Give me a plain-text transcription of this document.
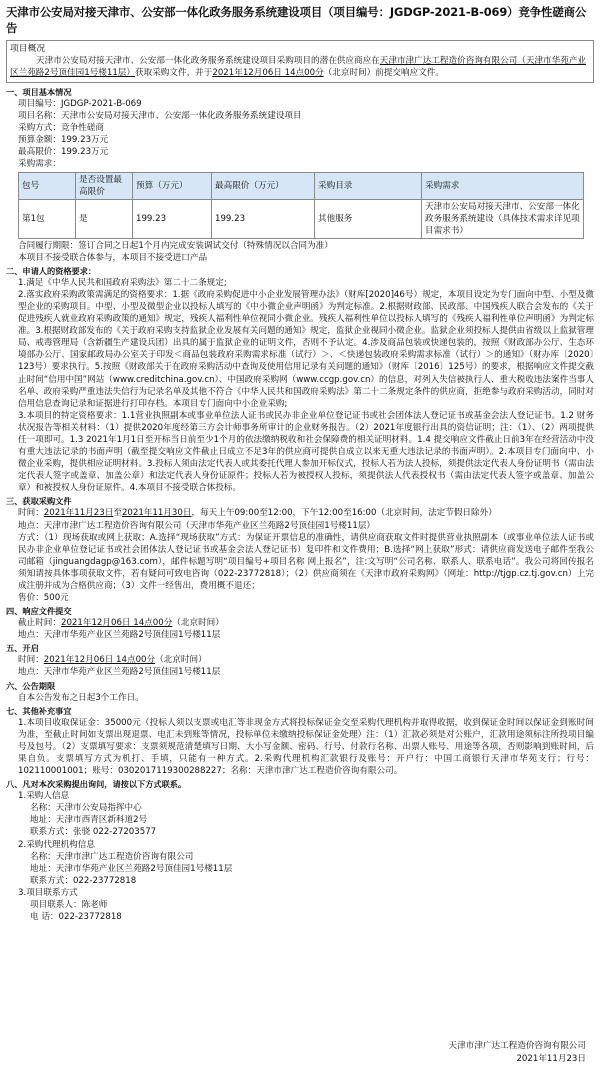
天津市公安局对接天津市、公安部一体化政务服务系统建设项目（项目编号：JGDGP-2021-B-069）竞争性磋商公告
项目概况
天津市公安局对接天津市、公安部一体化政务服务系统建设项目采购项目的潜在供应商应在天津市津广达工程造价咨询有限公司（天津市华苑产业区兰苑路2号顶佳园1号楼11层）获取采购文件，并于2021年12月06日 14点00分（北京时间）前提交响应文件。
一、项目基本情况
项目编号：JGDGP-2021-B-069
项目名称：天津市公安局对接天津市、公安部一体化政务服务系统建设项目
采购方式：竞争性磋商
预算金额：199.23万元
最高限价：199.23万元
采购需求：
包号	是否设置最高限价	预算（万元）	最高限价（万元）	采购目录	采购需求
第1包	是	199.23	199.23	其他服务	天津市公安局对接天津市、公安部一体化政务服务系统建设（具体技术需求详见项目需求书）
合同履行期限：签订合同之日起1个月内完成安装调试交付（特殊情况以合同为准）
本项目不接受联合体参与，本项目不接受进口产品
二、申请人的资格要求：
1.满足《中华人民共和国政府采购法》第二十二条规定;
2.落实政府采购政策需满足的资格要求：1.据《政府采购促进中小企业发展管理办法》（财库[2020]46号）规定，本项目设定为专门面向中型、小型及微型企业的采购项目。中型、小型及微型企业以投标人填写的《中小微企业声明函》为判定标准。2.根据财政部、民政部、中国残疾人联合会发布的《关于促进残疾人就业政府采购政策的通知》规定，残疾人福利性单位视同小微企业。残疾人福利性单位以投标人填写的《残疾人福利性单位声明函》为判定标准。3.根据财政部发布的《关于政府采购支持监狱企业发展有关问题的通知》规定，监狱企业视同小微企业。监狱企业须投标人提供由省级以上监狱管理局、戒毒管理局（含新疆生产建设兵团）出具的属于监狱企业的证明文件，否则不予认定。4.涉及商品包装或快递包装的，按照《财政部办公厅、生态环境部办公厅、国家邮政局办公室关于印发＜商品包装政府采购需求标准（试行）＞、＜快递包装政府采购需求标准（试行）＞的通知》（财办库〔2020〕123号）要求执行。5.按照《财政部关于在政府采购活动中查询及使用信用记录有关问题的通知》（财库〔2016〕125号）的要求，根据响应文件提交截止时间“信用中国”网站（www.creditchina.gov.cn）、中国政府采购网（www.ccgp.gov.cn）的信息，对列入失信被执行人、重大税收违法案件当事人名单、政府采购严重违法失信行为记录名单及其他不符合《中华人民共和国政府采购法》第二十二条规定条件的供应商，拒绝参与政府采购活动，同时对信用信息查询记录和证据进行打印存档。本项目专门面向中小企业采购;
3.本项目的特定资格要求：1.1营业执照副本或事业单位法人证书或民办非企业单位登记证书或社会团体法人登记证书或基金会法人登记证书。1.2 财务状况报告等相关材料：（1）提供2020年度经第三方会计师事务所审计的企业财务报告。（2）2021年度银行出具的资信证明；注：（1）、（2）两项提供任一项即可。1.3 2021年1月1日至开标当日前至少1个月的依法缴纳税收和社会保障费的相关证明材料。1.4 提交响应文件截止日前3年在经营活动中没有重大违法记录的书面声明（截至提交响应文件截止日成立不足3年的供应商可提供自成立以来无重大违法记录的书面声明）。2.本项目专门面向中、小微企业采购，提供相应证明材料。3.投标人须由法定代表人或其委托代理人参加开标仪式，投标人若为法人投标，须提供法定代表人身份证明书（需由法定代表人签字或盖章、加盖公章）和法定代表人身份证原件；投标人若为被授权人投标，须提供法人代表授权书（需由法定代表人签字或盖章、加盖公章）和被授权人身份证原件。4.本项目不接受联合体投标。
三、获取采购文件
时间：2021年11月23日至2021年11月30日，每天上午09:00至12:00，下午12:00至16:00（北京时间，法定节假日除外）
地点：天津市津广达工程造价咨询有限公司（天津市华苑产业区兰苑路2号顶佳园1号楼11层）
方式：（1）现场获取或网上获取；A.选择“现场获取”方式：为保证开票信息的准确性，请供应商获取文件时提供营业执照副本（或事业单位法人证书或民办非企业单位登记证书或社会团体法人登记证书或基金会法人登记证书）复印件和文件费用；B.选择“网上获取”形式：请供应商发送电子邮件至我公司邮箱（jinguangdagp@163.com），邮件标题写明“项目编号+项目名称 网上报名”，注:文写明“公司名称、联系人、联系电话”。我公司将回传报名须知请按具体事项获取文件，若有疑问可致电咨询（022-23772818）；（2）供应商须在《天津市政府采购网》（网址：http://tjgp.cz.tj.gov.cn）上完成注册并成为合格供应商；（3）文件一经售出，费用概不退还；
售价：500元
四、响应文件提交
截止时间：2021年12月06日 14点00分（北京时间）
地点：天津市华苑产业区兰苑路2号顶佳园1号楼11层
五、开启
时间：2021年12月06日 14点00分（北京时间）
地点：天津市华苑产业区兰苑路2号顶佳园1号楼11层
六、公告期限
自本公告发布之日起3个工作日。
七、其他补充事宜
1.本项目收取保证金：35000元（投标人须以支票或电汇等非现金方式将投标保证金交至采购代理机构并取得收据，收到保证金时间以保证金到账时间为准，至截止时间如支票出现退票、电汇未到账等情况，投标单位未缴纳投标保证金处理）注：（1）汇款必须是对公账户，汇款用途须标注所投项目编号及包号。（2）支票填写要求：支票须规范清楚填写日期、大小写金额、密码、行号、付款行名称、出票人账号、用途等各项，否则影响到账时间，后果自负。支票填写方式为机打、手填，只能有一种方式。2.采购代理机构汇款银行及账号：开户行：中国工商银行天津市华苑支行；行号：102110001001；账号：0302017119300288227；名称：天津市津广达工程造价咨询有限公司。
八、凡对本次采购提出询问，请按以下方式联系。
1.采购人信息
名称：天津市公安局指挥中心
地址：天津市西青区新科道2号
联系方式：张骁 022-27203577
2.采购代理机构信息
名称：天津市津广达工程造价咨询有限公司
地址：天津市华苑产业区兰苑路2号顶佳园1号楼11层
联系方式：022-23772818
3.项目联系方式
项目联系人：陈老师
电 话：022-23772818
天津市津广达工程造价咨询有限公司
2021年11月23日
